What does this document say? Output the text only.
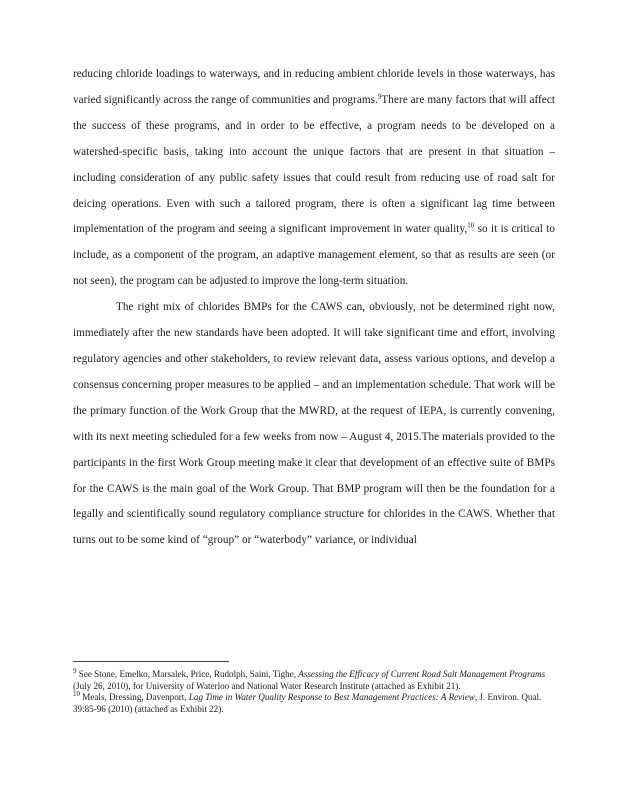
reducing chloride loadings to waterways, and in reducing ambient chloride levels in those waterways, has varied significantly across the range of communities and programs.$^9$There are many factors that will affect the success of these programs, and in order to be effective, a program needs to be developed on a watershed-specific basis, taking into account the unique factors that are present in that situation – including consideration of any public safety issues that could result from reducing use of road salt for deicing operations. Even with such a tailored program, there is often a significant lag time between implementation of the program and seeing a significant improvement in water quality,$^{10}$ so it is critical to include, as a component of the program, an adaptive management element, so that as results are seen (or not seen), the program can be adjusted to improve the long-term situation.

The right mix of chlorides BMPs for the CAWS can, obviously, not be determined right now, immediately after the new standards have been adopted. It will take significant time and effort, involving regulatory agencies and other stakeholders, to review relevant data, assess various options, and develop a consensus concerning proper measures to be applied – and an implementation schedule. That work will be the primary function of the Work Group that the MWRD, at the request of IEPA, is currently convening, with its next meeting scheduled for a few weeks from now – August 4, 2015.The materials provided to the participants in the first Work Group meeting make it clear that development of an effective suite of BMPs for the CAWS is the main goal of the Work Group. That BMP program will then be the foundation for a legally and scientifically sound regulatory compliance structure for chlorides in the CAWS. Whether that turns out to be some kind of “group” or “waterbody” variance, or individual

$^9$ See Stone, Emelko, Marsalek, Price, Rudolph, Saini, Tighe, Assessing the Efficacy of Current Road Salt Management Programs (July 26, 2010), for University of Waterloo and National Water Research Institute (attached as Exhibit 21).

$^{10}$ Meals, Dressing, Davenport, Lag Time in Water Quality Response to Best Management Practices: A Review, J. Environ. Qual. 39:85-96 (2010) (attached as Exhibit 22).
